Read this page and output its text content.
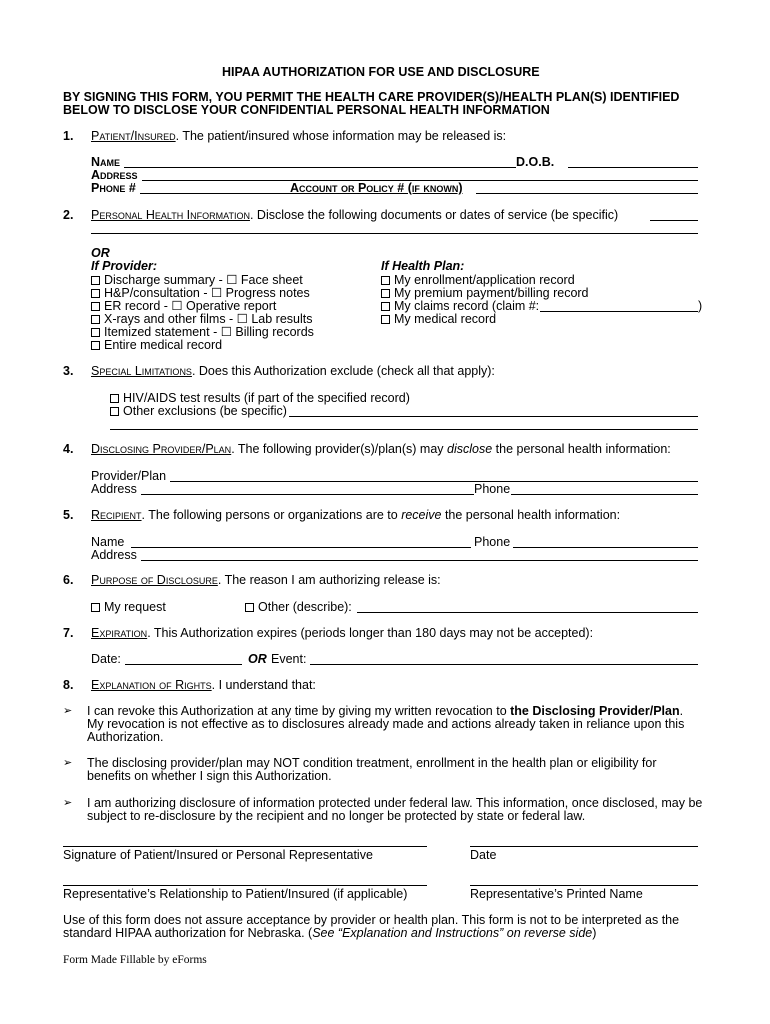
HIPAA AUTHORIZATION FOR USE AND DISCLOSURE
BY SIGNING THIS FORM, YOU PERMIT THE HEALTH CARE PROVIDER(S)/HEALTH PLAN(S) IDENTIFIED
BELOW TO DISCLOSE YOUR CONFIDENTIAL PERSONAL HEALTH INFORMATION
1. Patient/Insured. The patient/insured whose information may be released is:
Name	D.O.B.
Address
Phone #	Account or Policy # (if known)
2. Personal Health Information. Disclose the following documents or dates of service (be specific)
OR
If Provider:	If Health Plan:
Discharge summary - ☐ Face sheet
H&P/consultation - ☐ Progress notes
ER record - ☐ Operative report
X-rays and other films - ☐ Lab results
Itemized statement - ☐ Billing records
Entire medical record
My enrollment/application record
My premium payment/billing record
My claims record (claim #:	)
My medical record
3. Special Limitations. Does this Authorization exclude (check all that apply):
HIV/AIDS test results (if part of the specified record)
Other exclusions (be specific)
4. Disclosing Provider/Plan. The following provider(s)/plan(s) may disclose the personal health information:
Provider/Plan
Address	Phone
5. Recipient. The following persons or organizations are to receive the personal health information:
Name	Phone
Address
6. Purpose of Disclosure. The reason I am authorizing release is:
My request	Other (describe):
7. Expiration. This Authorization expires (periods longer than 180 days may not be accepted):
Date:	OR Event:
8. Explanation of Rights. I understand that:
➢ I can revoke this Authorization at any time by giving my written revocation to the Disclosing Provider/Plan.
My revocation is not effective as to disclosures already made and actions already taken in reliance upon this
Authorization.
➢ The disclosing provider/plan may NOT condition treatment, enrollment in the health plan or eligibility for
benefits on whether I sign this Authorization.
➢ I am authorizing disclosure of information protected under federal law. This information, once disclosed, may be
subject to re-disclosure by the recipient and no longer be protected by state or federal law.
Signature of Patient/Insured or Personal Representative	Date
Representative’s Relationship to Patient/Insured (if applicable)	Representative’s Printed Name
Use of this form does not assure acceptance by provider or health plan. This form is not to be interpreted as the
standard HIPAA authorization for Nebraska. (See “Explanation and Instructions” on reverse side)
Form Made Fillable by eForms
